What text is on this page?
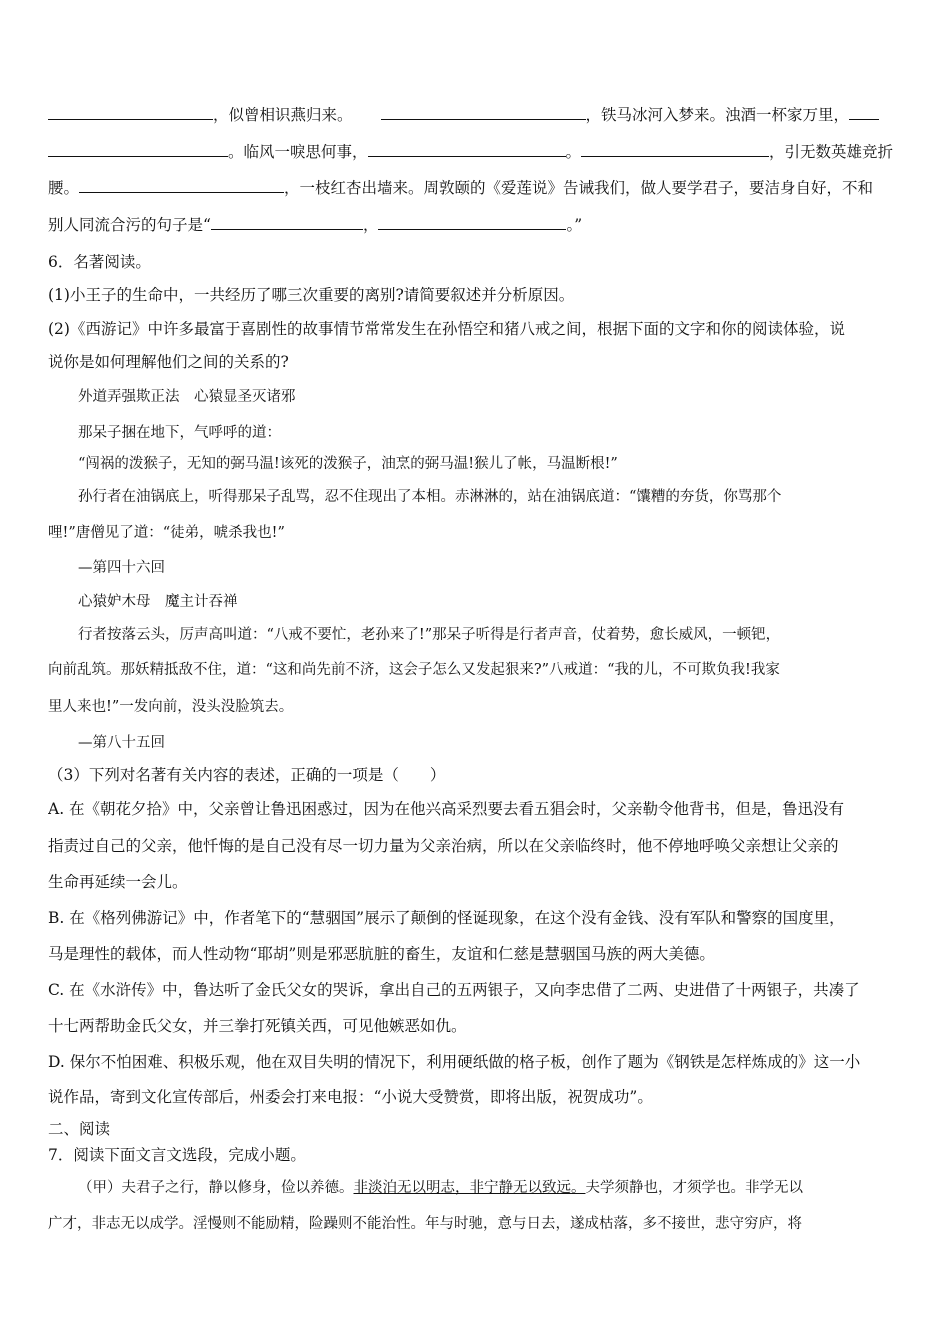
，似曾相识燕归来。	，铁马冰河入梦来。浊酒一杯家万里，
。临风一唳思何事，	。	，引无数英雄竞折
腰。	，一枝红杏出墙来。周敦颐的《爱莲说》告诫我们，做人要学君子，要洁身自好，不和
别人同流合污的句子是“	，	。”
6．名著阅读。
(1)小王子的生命中，一共经历了哪三次重要的离别?请简要叙述并分析原因。
(2)《西游记》中许多最富于喜剧性的故事情节常常发生在孙悟空和猪八戒之间，根据下面的文字和你的阅读体验，说
说你是如何理解他们之间的关系的?
外道弄强欺正法　心猿显圣灭诸邪
那呆子捆在地下，气呼呼的道：
“闯祸的泼猴子，无知的弼马温!该死的泼猴子，油烹的弼马温!猴儿了帐，马温断根!”
孙行者在油锅底上，听得那呆子乱骂，忍不住现出了本相。赤淋淋的，站在油锅底道：“馕糟的夯货，你骂那个
哩!”唐僧见了道：“徒弟，唬杀我也!”
—第四十六回
心猿妒木母　魔主计吞禅
行者按落云头，厉声高叫道：“八戒不要忙，老孙来了!”那呆子听得是行者声音，仗着势，愈长威风，一顿钯，
向前乱筑。那妖精抵敌不住，道：“这和尚先前不济，这会子怎么又发起狠来?”八戒道：“我的儿，不可欺负我!我家
里人来也!”一发向前，没头没脸筑去。
—第八十五回
（3）下列对名著有关内容的表述，正确的一项是（　　）
A. 在《朝花夕拾》中，父亲曾让鲁迅困惑过，因为在他兴高采烈要去看五猖会时，父亲勒令他背书，但是，鲁迅没有
指责过自己的父亲，他忏悔的是自己没有尽一切力量为父亲治病，所以在父亲临终时，他不停地呼唤父亲想让父亲的
生命再延续一会儿。
B. 在《格列佛游记》中，作者笔下的“慧骃国”展示了颠倒的怪诞现象，在这个没有金钱、没有军队和警察的国度里，
马是理性的载体，而人性动物“耶胡”则是邪恶肮脏的畜生，友谊和仁慈是慧骃国马族的两大美德。
C. 在《水浒传》中，鲁达听了金氏父女的哭诉，拿出自己的五两银子，又向李忠借了二两、史进借了十两银子，共凑了
十七两帮助金氏父女，并三拳打死镇关西，可见他嫉恶如仇。
D. 保尔不怕困难、积极乐观，他在双目失明的情况下，利用硬纸做的格子板，创作了题为《钢铁是怎样炼成的》这一小
说作品，寄到文化宣传部后，州委会打来电报：“小说大受赞赏，即将出版，祝贺成功”。
二、阅读
7．阅读下面文言文选段，完成小题。
（甲）夫君子之行，静以修身，俭以养德。非淡泊无以明志，非宁静无以致远。夫学须静也，才须学也。非学无以
广才，非志无以成学。淫慢则不能励精，险躁则不能治性。年与时驰，意与日去，遂成枯落，多不接世，悲守穷庐，将
